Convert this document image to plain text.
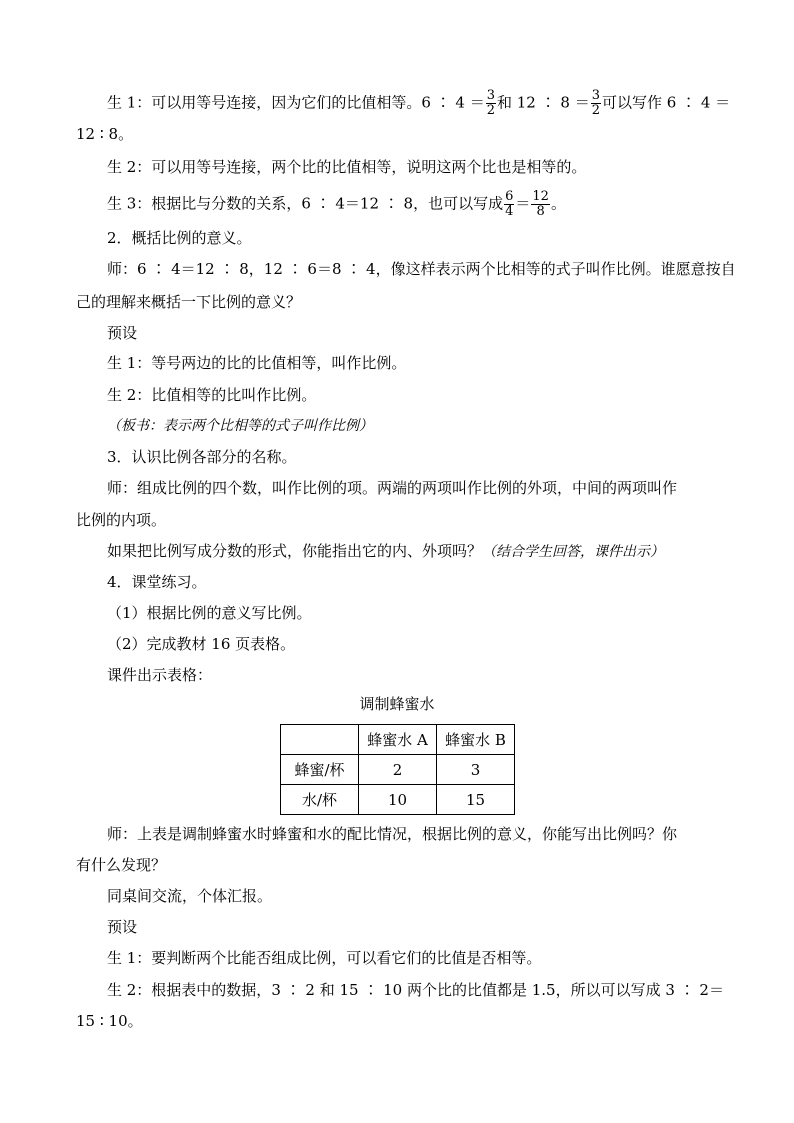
生 1：可以用等号连接，因为它们的比值相等。6 ∶ $4 = \frac{3}{2}$ 和 12 ∶ $8 = \frac{3}{2}$ 可以写作 6 ∶ 4 ＝
12 ∶ 8。
生 2：可以用等号连接，两个比的比值相等，说明这两个比也是相等的。
生 3：根据比与分数的关系，6 ∶ 4＝12 ∶ 8，也可以写成 $\frac{6}{4} = \frac{12}{8}$ 。
2．概括比例的意义。
师：6 ∶ 4＝12 ∶ 8，12 ∶ 6＝8 ∶ 4，像这样表示两个比相等的式子叫作比例。谁愿意按自
己的理解来概括一下比例的意义？
预设
生 1：等号两边的比的比值相等，叫作比例。
生 2：比值相等的比叫作比例。
（板书：表示两个比相等的式子叫作比例）
3．认识比例各部分的名称。
师：组成比例的四个数，叫作比例的项。两端的两项叫作比例的外项，中间的两项叫作
比例的内项。
如果把比例写成分数的形式，你能指出它的内、外项吗？（结合学生回答，课件出示）
4．课堂练习。
（1）根据比例的意义写比例。
（2）完成教材 16 页表格。
课件出示表格：
调制蜂蜜水
	蜂蜜水 A	蜂蜜水 B
蜂蜜/杯	2	3
水/杯	10	15
师：上表是调制蜂蜜水时蜂蜜和水的配比情况，根据比例的意义，你能写出比例吗？你
有什么发现？
同桌间交流，个体汇报。
预设
生 1：要判断两个比能否组成比例，可以看它们的比值是否相等。
生 2：根据表中的数据，3 ∶ 2 和 15 ∶ 10 两个比的比值都是 1.5，所以可以写成 3 ∶ 2＝
15 ∶ 10。
